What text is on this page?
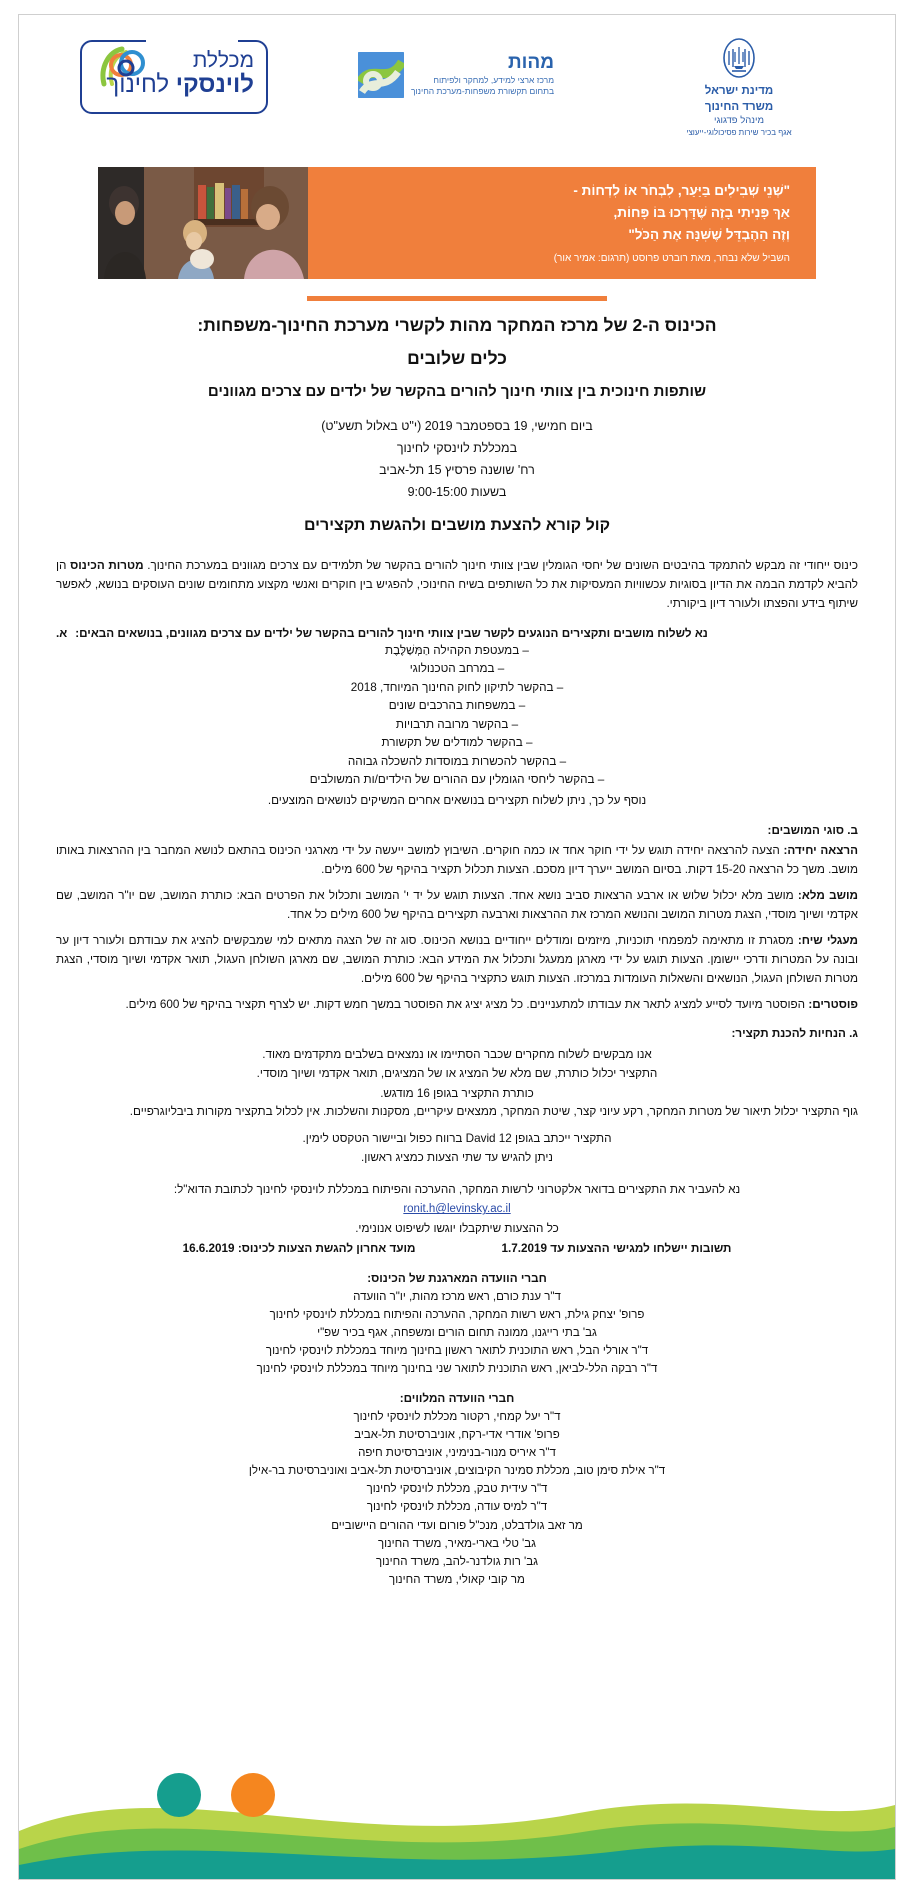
מכללת
לוינסקי לחינוך
מהות
מרכז ארצי למידע, למחקר ולפיתוח
בתחום תקשורת משפחות-מערכת החינוך	מדינת ישראל
משרד החינוך
מינהל פדגוגי
אגף בכיר שירות פסיכולוגי-ייעוצי
"שְׁנֵי שְׁבִילִים בַּיַּעַר, לִבְחֹר אוֹ לִדְחוֹת -
אַךְ פָּנִיתִי בָזֶה שֶׁדָּרְכוּ בּוֹ פָּחוֹת,
וְזֶה הַהֶבְדֵּל שֶׁשִּׁנָּה אֶת הַכֹּל"
השביל שלא נבחר, מאת רוברט פרוסט (תרגום: אמיר אור)
הכינוס ה-2 של מרכז המחקר מהות לקשרי מערכת החינוך-משפחות:
כלים שלובים
שותפות חינוכית בין צוותי חינוך להורים בהקשר של ילדים עם צרכים מגוונים
ביום חמישי, 19 בספטמבר 2019 (י"ט באלול תשע"ט)
במכללת לוינסקי לחינוך
רח' שושנה פרסיץ 15 תל-אביב
בשעות 9:00-15:00
קול קורא להצעת מושבים ולהגשת תקצירים

כינוס ייחודי זה מבקש להתמקד בהיבטים השונים של יחסי הגומלין שבין צוותי חינוך להורים בהקשר של תלמידים עם צרכים מגוונים במערכת החינוך. מטרות הכינוס הן להביא לקדמת הבמה את הדיון בסוגיות עכשוויות המעסיקות את כל השותפים בשיח החינוכי, להפגיש בין חוקרים ואנשי מקצוע מתחומים שונים העוסקים בנושא, לאפשר שיתוף בידע והפצתו ולעורר דיון ביקורתי.

א. נא לשלוח מושבים ותקצירים הנוגעים לקשר שבין צוותי חינוך להורים בהקשר של ילדים עם צרכים מגוונים, בנושאים הבאים:
– במעטפת הקהילה הַמְּשַׁלֶּבֶת
– במרחב הטכנולוגי
– בהקשר לתיקון לחוק החינוך המיוחד, 2018
– במשפחות בהרכבים שונים
– בהקשר מרובה תרבויות
– בהקשר למודלים של תקשורת
– בהקשר להכשרות במוסדות להשכלה גבוהה
– בהקשר ליחסי הגומלין עם ההורים של הילדים/ות המשולבים
נוסף על כך, ניתן לשלוח תקצירים בנושאים אחרים המשיקים לנושאים המוצעים.
ב. סוגי המושבים:

הרצאה יחידה: הצעה להרצאה יחידה תוגש על ידי חוקר אחד או כמה חוקרים. השיבוץ למושב ייעשה על ידי מארגני הכינוס בהתאם לנושא המחבר בין ההרצאות באותו מושב. משך כל הרצאה 15-20 דקות. בסיום המושב ייערך דיון מסכם. הצעות תכלול תקציר בהיקף של 600 מילים.

מושב מלא: מושב מלא יכלול שלוש או ארבע הרצאות סביב נושא אחד. הצעות תוגש על יד י' המושב ותכלול את הפרטים הבא: כותרת המושב, שם יו"ר המושב, שם אקדמי ושיוך מוסדי, הצגת מטרות המושב והנושא המרכז את ההרצאות וארבעה תקצירים בהיקף של 600 מילים כל אחד.

מעגלי שיח: מסגרת זו מתאימה למפמחי תוכניות, מיזמים ומודלים ייחודיים בנושא הכינוס. סוג זה של הצגה מתאים למי שמבקשים להציג את עבודתם ולעורר דיון ער ובונה על המטרות ודרכי יישומן. הצעות תוגש על ידי מארגן ממעגל ותכלול את המידע הבא: כותרת המושב, שם מארגן השולחן העגול, תואר אקדמי ושיוך מוסדי, הצגת מטרות השולחן העגול, הנושאים והשאלות העומדות במרכזו. הצעות תוגש כתקציר בהיקף של 600 מילים.

פוסטרים: הפוסטר מיועד לסייע למציג לתאר את עבודתו למתעניינים. כל מציג יציג את הפוסטר במשך חמש דקות. יש לצרף תקציר בהיקף של 600 מילים.

ג. הנחיות להכנת תקציר:
אנו מבקשים לשלוח מחקרים שכבר הסתיימו או נמצאים בשלבים מתקדמים מאוד.
התקציר יכלול כותרת, שם מלא של המציג או של המציגים, תואר אקדמי ושיוך מוסדי.
כותרת התקציר בגופן 16 מודגש.
גוף התקציר יכלול תיאור של מטרות המחקר, רקע עיוני קצר, שיטת המחקר, ממצאים עיקריים, מסקנות והשלכות. אין לכלול בתקציר מקורות ביבליוגרפיים.
התקציר ייכתב בגופן David 12 ברווח כפול וביישור הטקסט לימין.
ניתן להגיש עד שתי הצעות כמציג ראשון.
נא להעביר את התקצירים בדואר אלקטרוני לרשות המחקר, ההערכה והפיתוח במכללת לוינסקי לחינוך לכתובת הדוא"ל:
ronit.h@levinsky.ac.il
כל ההצעות שיתקבלו יוגשו לשיפוט אנונימי.
מועד אחרון להגשת הצעות לכינוס: 16.6.2019	תשובות יישלחו למגישי ההצעות עד 1.7.2019
חברי הוועדה המארגנת של הכינוס:
ד"ר ענת כורם, ראש מרכז מהות, יו"ר הוועדה
פרופ' יצחק גילת, ראש רשות המחקר, ההערכה והפיתוח במכללת לוינסקי לחינוך
גב' בתי רייגנו, ממונה תחום הורים ומשפחה, אגף בכיר שפ"י
ד"ר אורלי הבל, ראש התוכנית לתואר ראשון בחינוך מיוחד במכללת לוינסקי לחינוך
ד"ר רבקה הלל-לביאן, ראש התוכנית לתואר שני בחינוך מיוחד במכללת לוינסקי לחינוך
חברי הוועדה המלווים:
ד"ר יעל קמחי, רקטור מכללת לוינסקי לחינוך
פרופ' אודרי אדי-רקח, אוניברסיטת תל-אביב
ד"ר איריס מנור-בנימיני, אוניברסיטת חיפה
ד"ר אילת סימן טוב, מכללת סמינר הקיבוצים, אוניברסיטת תל-אביב ואוניברסיטת בר-אילן
ד"ר עידית טבק, מכללת לוינסקי לחינוך
ד"ר למיס עודה, מכללת לוינסקי לחינוך
מר זאב גולדבלט, מנכ"ל פורום ועדי ההורים היישוביים
גב' טלי בארי-מאיר, משרד החינוך
גב' רות גולדנר-להב, משרד החינוך
מר קובי קאולי, משרד החינוך
